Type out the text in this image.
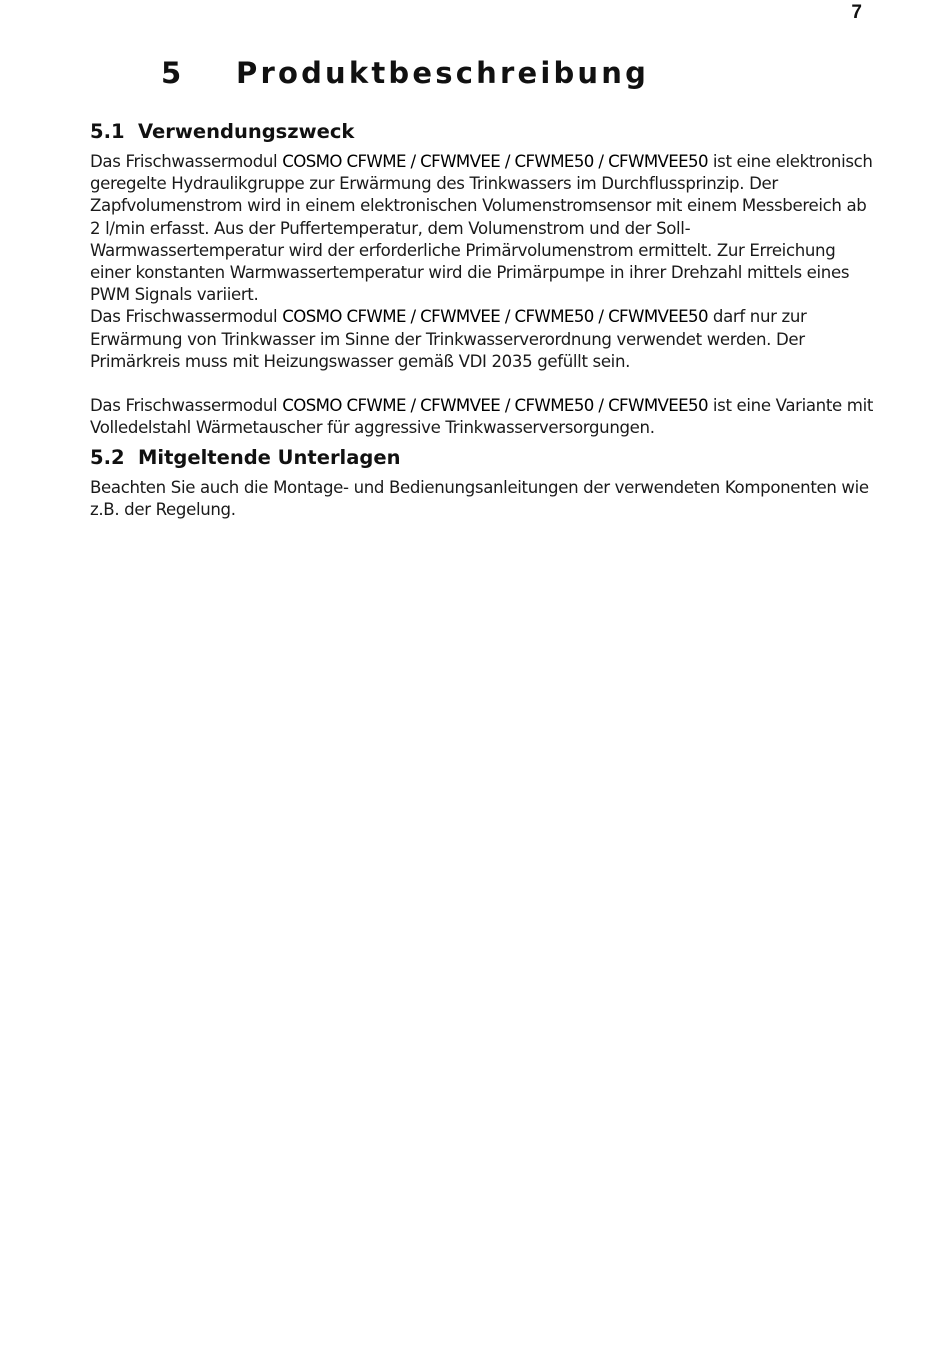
7
5 Produktbeschreibung
5.1 Verwendungszweck

Das Frischwassermodul COSMO CFWME / CFWMVEE / CFWME50 / CFWMVEE50 ist eine elektronisch geregelte Hydraulikgruppe zur Erwärmung des Trinkwassers im Durchflussprinzip. Der Zapfvolumenstrom wird in einem elektronischen Volumenstromsensor mit einem Messbereich ab 2 l/min erfasst. Aus der Puffertemperatur, dem Volumenstrom und der Soll-Warmwassertemperatur wird der erforderliche Primärvolumenstrom ermittelt. Zur Erreichung einer konstanten Warmwassertemperatur wird die Primärpumpe in ihrer Drehzahl mittels eines PWM Signals variiert.

Das Frischwassermodul COSMO CFWME / CFWMVEE / CFWME50 / CFWMVEE50 darf nur zur Erwärmung von Trinkwasser im Sinne der Trinkwasserverordnung verwendet werden. Der Primärkreis muss mit Heizungswasser gemäß VDI 2035 gefüllt sein.

Das Frischwassermodul COSMO CFWME / CFWMVEE / CFWME50 / CFWMVEE50 ist eine Variante mit Volledelstahl Wärmetauscher für aggressive Trinkwasserversorgungen.

5.2 Mitgeltende Unterlagen

Beachten Sie auch die Montage- und Bedienungsanleitungen der verwendeten Komponenten wie z.B. der Regelung.
